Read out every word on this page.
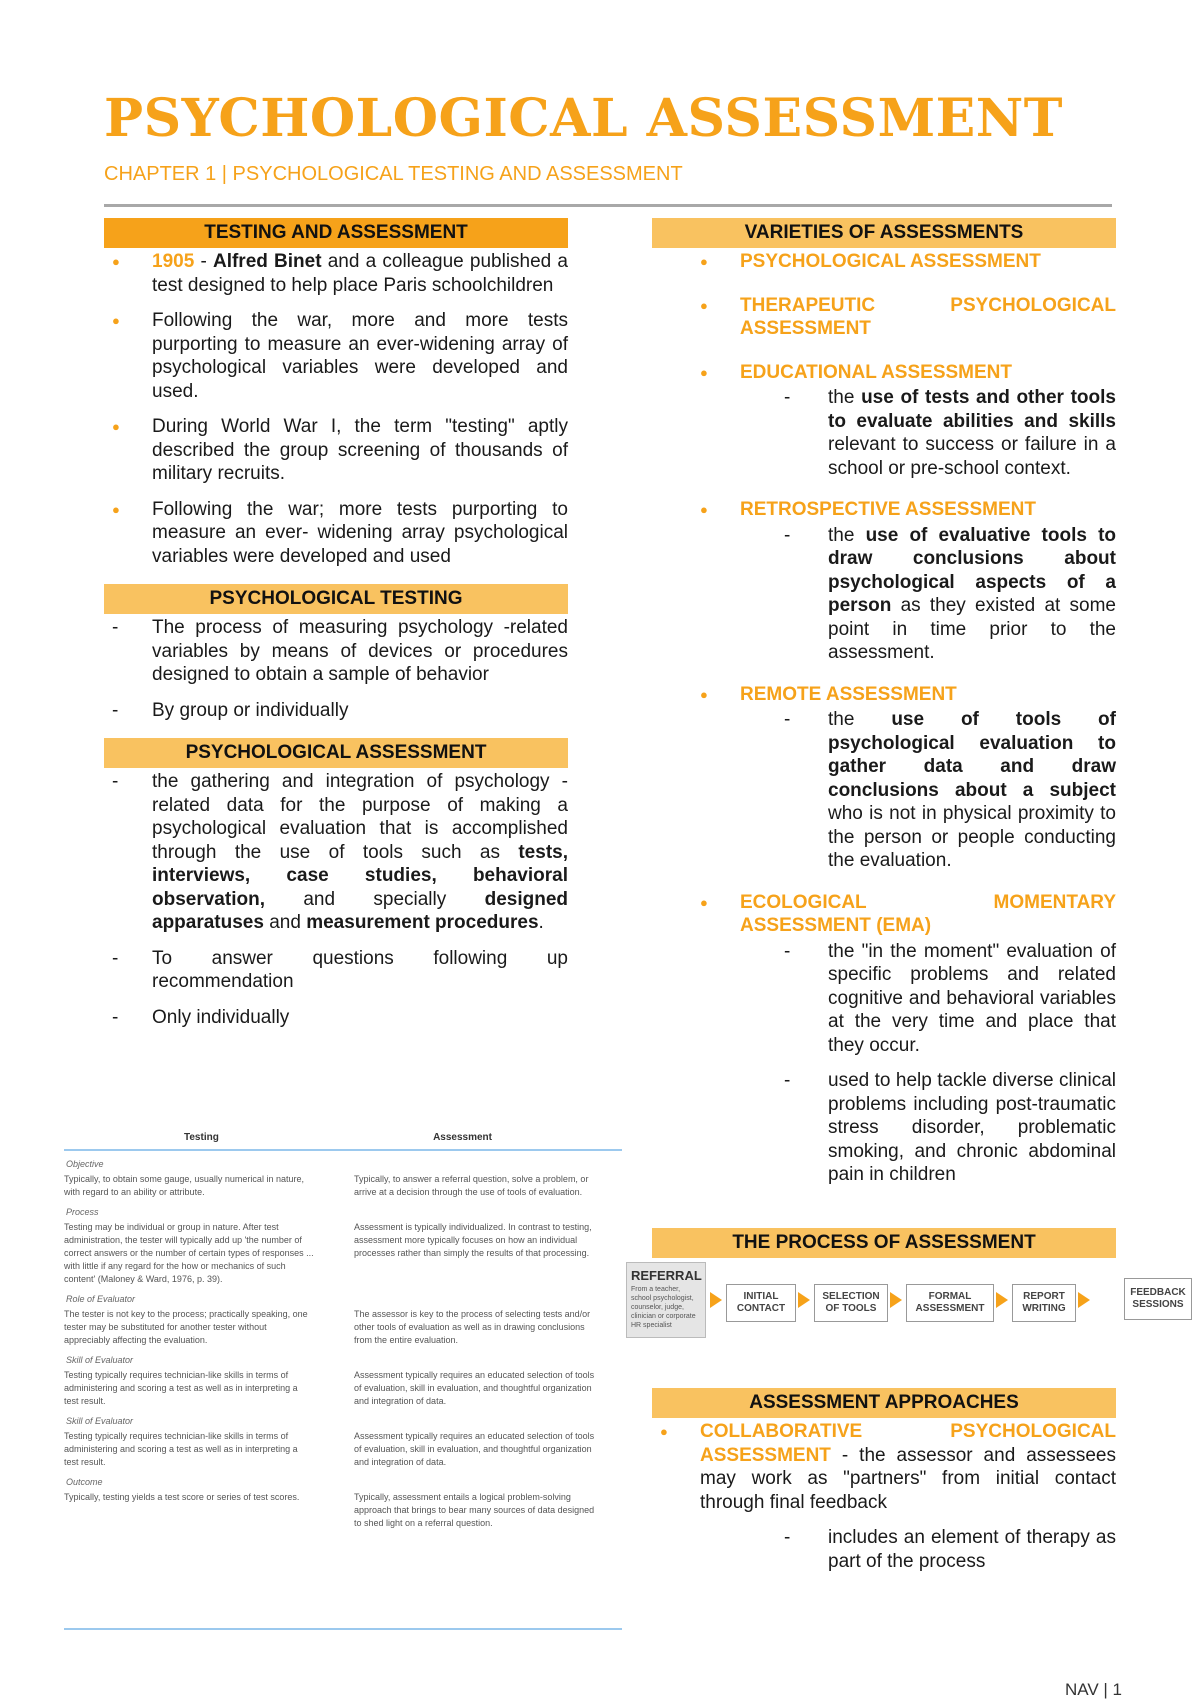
PSYCHOLOGICAL ASSESSMENT
CHAPTER 1 | PSYCHOLOGICAL TESTING AND ASSESSMENT
TESTING AND ASSESSMENT
● 1905 - Alfred Binet and a colleague published a test designed to help place Paris schoolchildren
● Following the war, more and more tests purporting to measure an ever-widening array of psychological variables were developed and used.
● During World War I, the term "testing" aptly described the group screening of thousands of military recruits.
● Following the war; more tests purporting to measure an ever- widening array psychological variables were developed and used
PSYCHOLOGICAL TESTING
- The process of measuring psychology -related variables by means of devices or procedures designed to obtain a sample of behavior
- By group or individually
PSYCHOLOGICAL ASSESSMENT
- the gathering and integration of psychology - related data for the purpose of making a psychological evaluation that is accomplished through the use of tools such as tests, interviews, case studies, behavioral observation, and specially designed apparatuses and measurement procedures.
- To answer questions following up recommendation
- Only individually
Testing	Assessment
Objective
Typically, to obtain some gauge, usually numerical in nature, with regard to an ability or attribute.
Typically, to answer a referral question, solve a problem, or arrive at a decision through the use of tools of evaluation.
Process
Testing may be individual or group in nature. After test administration, the tester will typically add up 'the number of correct answers or the number of certain types of responses ... with little if any regard for the how or mechanics of such content' (Maloney & Ward, 1976, p. 39).
Assessment is typically individualized. In contrast to testing, assessment more typically focuses on how an individual processes rather than simply the results of that processing.
Role of Evaluator
The tester is not key to the process; practically speaking, one tester may be substituted for another tester without appreciably affecting the evaluation.
The assessor is key to the process of selecting tests and/or other tools of evaluation as well as in drawing conclusions from the entire evaluation.
Skill of Evaluator
Testing typically requires technician-like skills in terms of administering and scoring a test as well as in interpreting a test result.
Assessment typically requires an educated selection of tools of evaluation, skill in evaluation, and thoughtful organization and integration of data.
Skill of Evaluator
Testing typically requires technician-like skills in terms of administering and scoring a test as well as in interpreting a test result.
Assessment typically requires an educated selection of tools of evaluation, skill in evaluation, and thoughtful organization and integration of data.
Outcome
Typically, testing yields a test score or series of test scores.	Typically, assessment entails a logical problem-solving approach that brings to bear many sources of data designed to shed light on a referral question.
VARIETIES OF ASSESSMENTS
● PSYCHOLOGICAL ASSESSMENT
● THERAPEUTIC PSYCHOLOGICAL ASSESSMENT
● EDUCATIONAL ASSESSMENT
- the use of tests and other tools to evaluate abilities and skills relevant to success or failure in a school or pre-school context.
● RETROSPECTIVE ASSESSMENT
- the use of evaluative tools to draw conclusions about psychological aspects of a person as they existed at some point in time prior to the assessment.
● REMOTE ASSESSMENT
- the use of tools of psychological evaluation to gather data and draw conclusions about a subject who is not in physical proximity to the person or people conducting the evaluation.
● ECOLOGICAL MOMENTARY ASSESSMENT (EMA)
- the "in the moment" evaluation of specific problems and related cognitive and behavioral variables at the very time and place that they occur.
- used to help tackle diverse clinical problems including post-traumatic stress disorder, problematic smoking, and chronic abdominal pain in children
THE PROCESS OF ASSESSMENT
REFERRAL
From a teacher, school psychologist, counselor, judge, clinician or corporate HR specialist
INITIAL CONTACT
SELECTION OF TOOLS
FORMAL ASSESSMENT
REPORT WRITING
FEEDBACK SESSIONS
ASSESSMENT APPROACHES
● COLLABORATIVE PSYCHOLOGICAL ASSESSMENT - the assessor and assessees may work as "partners" from initial contact through final feedback
- includes an element of therapy as part of the process
NAV | 1
